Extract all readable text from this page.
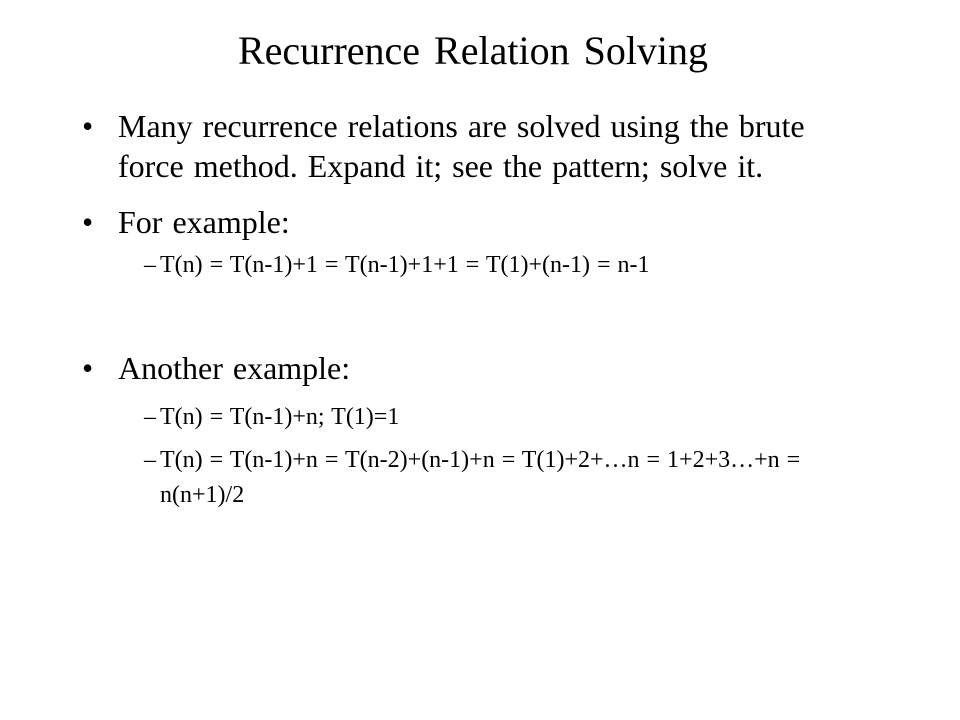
Recurrence Relation Solving
• Many recurrence relations are solved using the brute force method. Expand it; see the pattern; solve it.
• For example:
– T(n) = T(n-1)+1 = T(n-1)+1+1 = T(1)+(n-1) = n-1
• Another example:
– T(n) = T(n-1)+n; T(1)=1
– T(n) = T(n-1)+n = T(n-2)+(n-1)+n = T(1)+2+…n = 1+2+3…+n = n(n+1)/2
